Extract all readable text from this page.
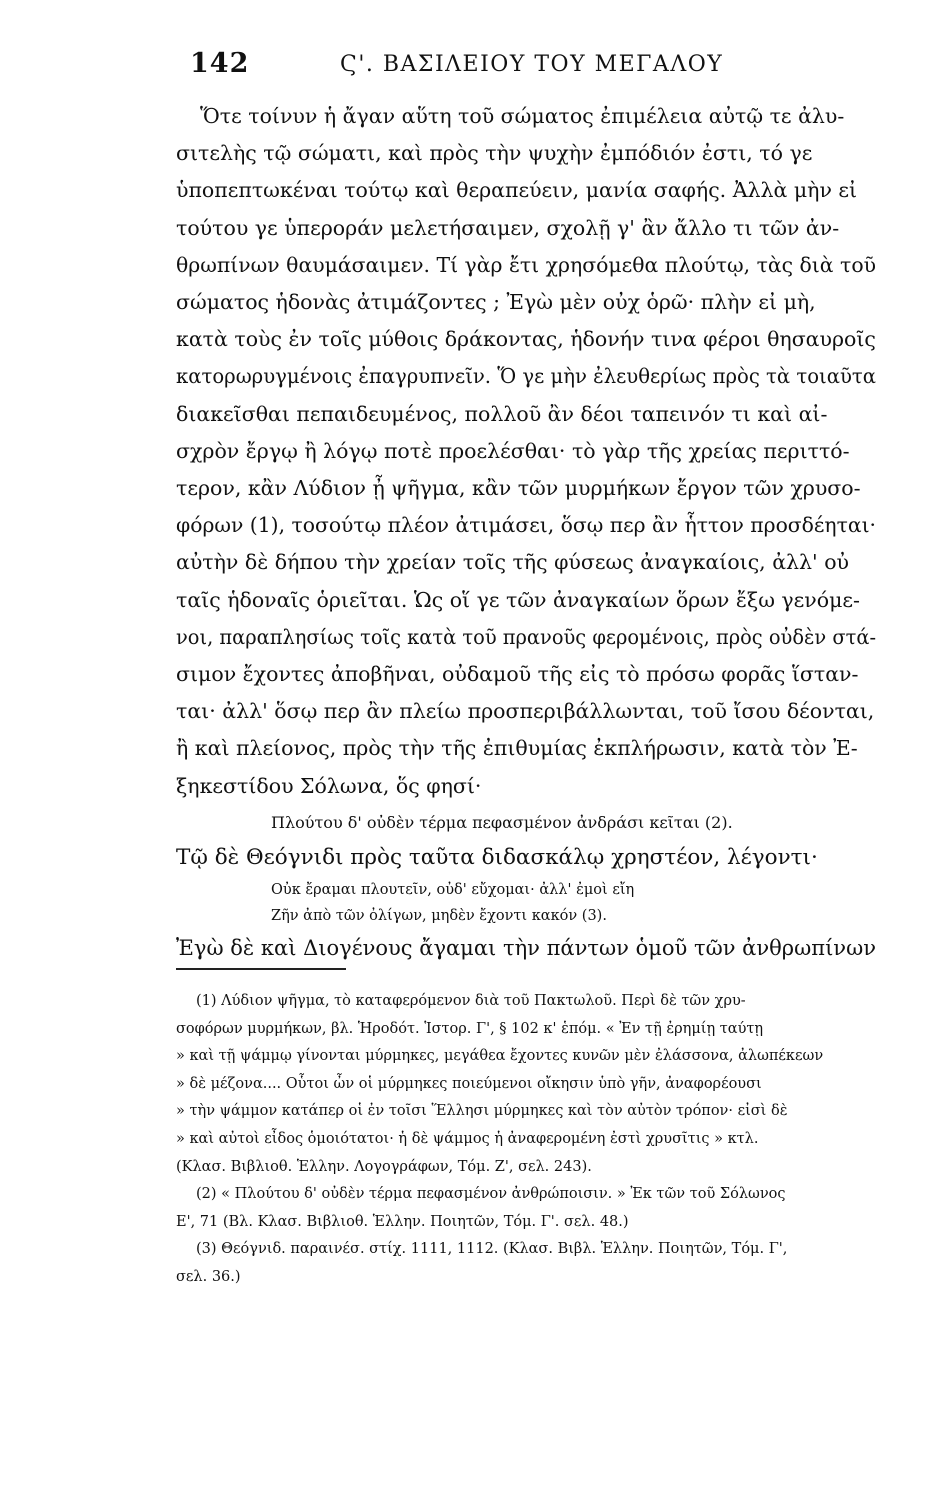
142	Ϛ'. ΒΑΣΙΛΕΙΟΥ ΤΟΥ ΜΕΓΑΛΟΥ
Ὅτε τοίνυν ἡ ἄγαν αὕτη τοῦ σώματος ἐπιμέλεια αὐτῷ τε ἀλυ-
σιτελὴς τῷ σώματι, καὶ πρὸς τὴν ψυχὴν ἐμπόδιόν ἐστι, τό γε
ὑποπεπτωκέναι τούτῳ καὶ θεραπεύειν, μανία σαφής. Ἀλλὰ μὴν εἰ
τούτου γε ὑπεροράν μελετήσαιμεν, σχολῇ γ' ἂν ἄλλο τι τῶν ἀν-
θρωπίνων θαυμάσαιμεν. Τί γὰρ ἔτι χρησόμεθα πλούτῳ, τὰς διὰ τοῦ
σώματος ἡδονὰς ἀτιμάζοντες ; Ἐγὼ μὲν οὐχ ὁρῶ· πλὴν εἰ μὴ,
κατὰ τοὺς ἐν τοῖς μύθοις δράκοντας, ἡδονήν τινα φέροι θησαυροῖς
κατορωρυγμένοις ἐπαγρυπνεῖν. Ὅ γε μὴν ἐλευθερίως πρὸς τὰ τοιαῦτα
διακεῖσθαι πεπαιδευμένος, πολλοῦ ἂν δέοι ταπεινόν τι καὶ αἰ-
σχρὸν ἔργῳ ἢ λόγῳ ποτὲ προελέσθαι· τὸ γὰρ τῆς χρείας περιττό-
τερον, κἂν Λύδιον ᾖ ψῆγμα, κἂν τῶν μυρμήκων ἔργον τῶν χρυσο-
φόρων (1), τοσούτῳ πλέον ἀτιμάσει, ὅσῳ περ ἂν ἧττον προσδέηται·
αὐτὴν δὲ δήπου τὴν χρείαν τοῖς τῆς φύσεως ἀναγκαίοις, ἀλλ' οὐ
ταῖς ἡδοναῖς ὁριεῖται. Ὡς οἵ γε τῶν ἀναγκαίων ὅρων ἔξω γενόμε-
νοι, παραπλησίως τοῖς κατὰ τοῦ πρανοῦς φερομένοις, πρὸς οὐδὲν στά-
σιμον ἔχοντες ἀποβῆναι, οὐδαμοῦ τῆς εἰς τὸ πρόσω φορᾶς ἵσταν-
ται· ἀλλ' ὅσῳ περ ἂν πλείω προσπεριβάλλωνται, τοῦ ἴσου δέονται,
ἢ καὶ πλείονος, πρὸς τὴν τῆς ἐπιθυμίας ἐκπλήρωσιν, κατὰ τὸν Ἐ-
ξηκεστίδου Σόλωνα, ὅς φησί·
Πλούτου δ' οὐδὲν τέρμα πεφασμένον ἀνδράσι κεῖται (2).
Τῷ δὲ Θεόγνιδι πρὸς ταῦτα διδασκάλῳ χρηστέον, λέγοντι·
Οὐκ ἔραμαι πλουτεῖν, οὐδ' εὔχομαι· ἀλλ' ἐμοὶ εἴη
Ζῆν ἀπὸ τῶν ὀλίγων, μηδὲν ἔχοντι κακόν (3).
Ἐγὼ δὲ καὶ Διογένους ἄγαμαι τὴν πάντων ὁμοῦ τῶν ἀνθρωπίνων
(1) Λύδιον ψῆγμα, τὸ καταφερόμενον διὰ τοῦ Πακτωλοῦ. Περὶ δὲ τῶν χρυ-
σοφόρων μυρμήκων, βλ. Ἡροδότ. Ἱστορ. Γ', § 102 κ' ἑπόμ. « Ἐν τῇ ἐρημίῃ ταύτῃ
» καὶ τῇ ψάμμῳ γίνονται μύρμηκες, μεγάθεα ἔχοντες κυνῶν μὲν ἐλάσσονα, ἀλωπέκεων
» δὲ μέζονα.... Οὗτοι ὦν οἱ μύρμηκες ποιεύμενοι οἴκησιν ὑπὸ γῆν, ἀναφορέουσι
» τὴν ψάμμον κατάπερ οἱ ἐν τοῖσι Ἕλλησι μύρμηκες καὶ τὸν αὐτὸν τρόπον· εἰσὶ δὲ
» καὶ αὐτοὶ εἶδος ὁμοιότατοι· ἡ δὲ ψάμμος ἡ ἀναφερομένη ἐστὶ χρυσῖτις » κτλ.
(Κλασ. Βιβλιοθ. Ἑλλην. Λογογράφων, Τόμ. Ζ', σελ. 243).
(2) « Πλούτου δ' οὐδὲν τέρμα πεφασμένον ἀνθρώποισιν. » Ἐκ τῶν τοῦ Σόλωνος
Ε', 71 (Βλ. Κλασ. Βιβλιοθ. Ἑλλην. Ποιητῶν, Τόμ. Γ'. σελ. 48.)
(3) Θεόγνιδ. παραινέσ. στίχ. 1111, 1112. (Κλασ. Βιβλ. Ἑλλην. Ποιητῶν, Τόμ. Γ',
σελ. 36.)
